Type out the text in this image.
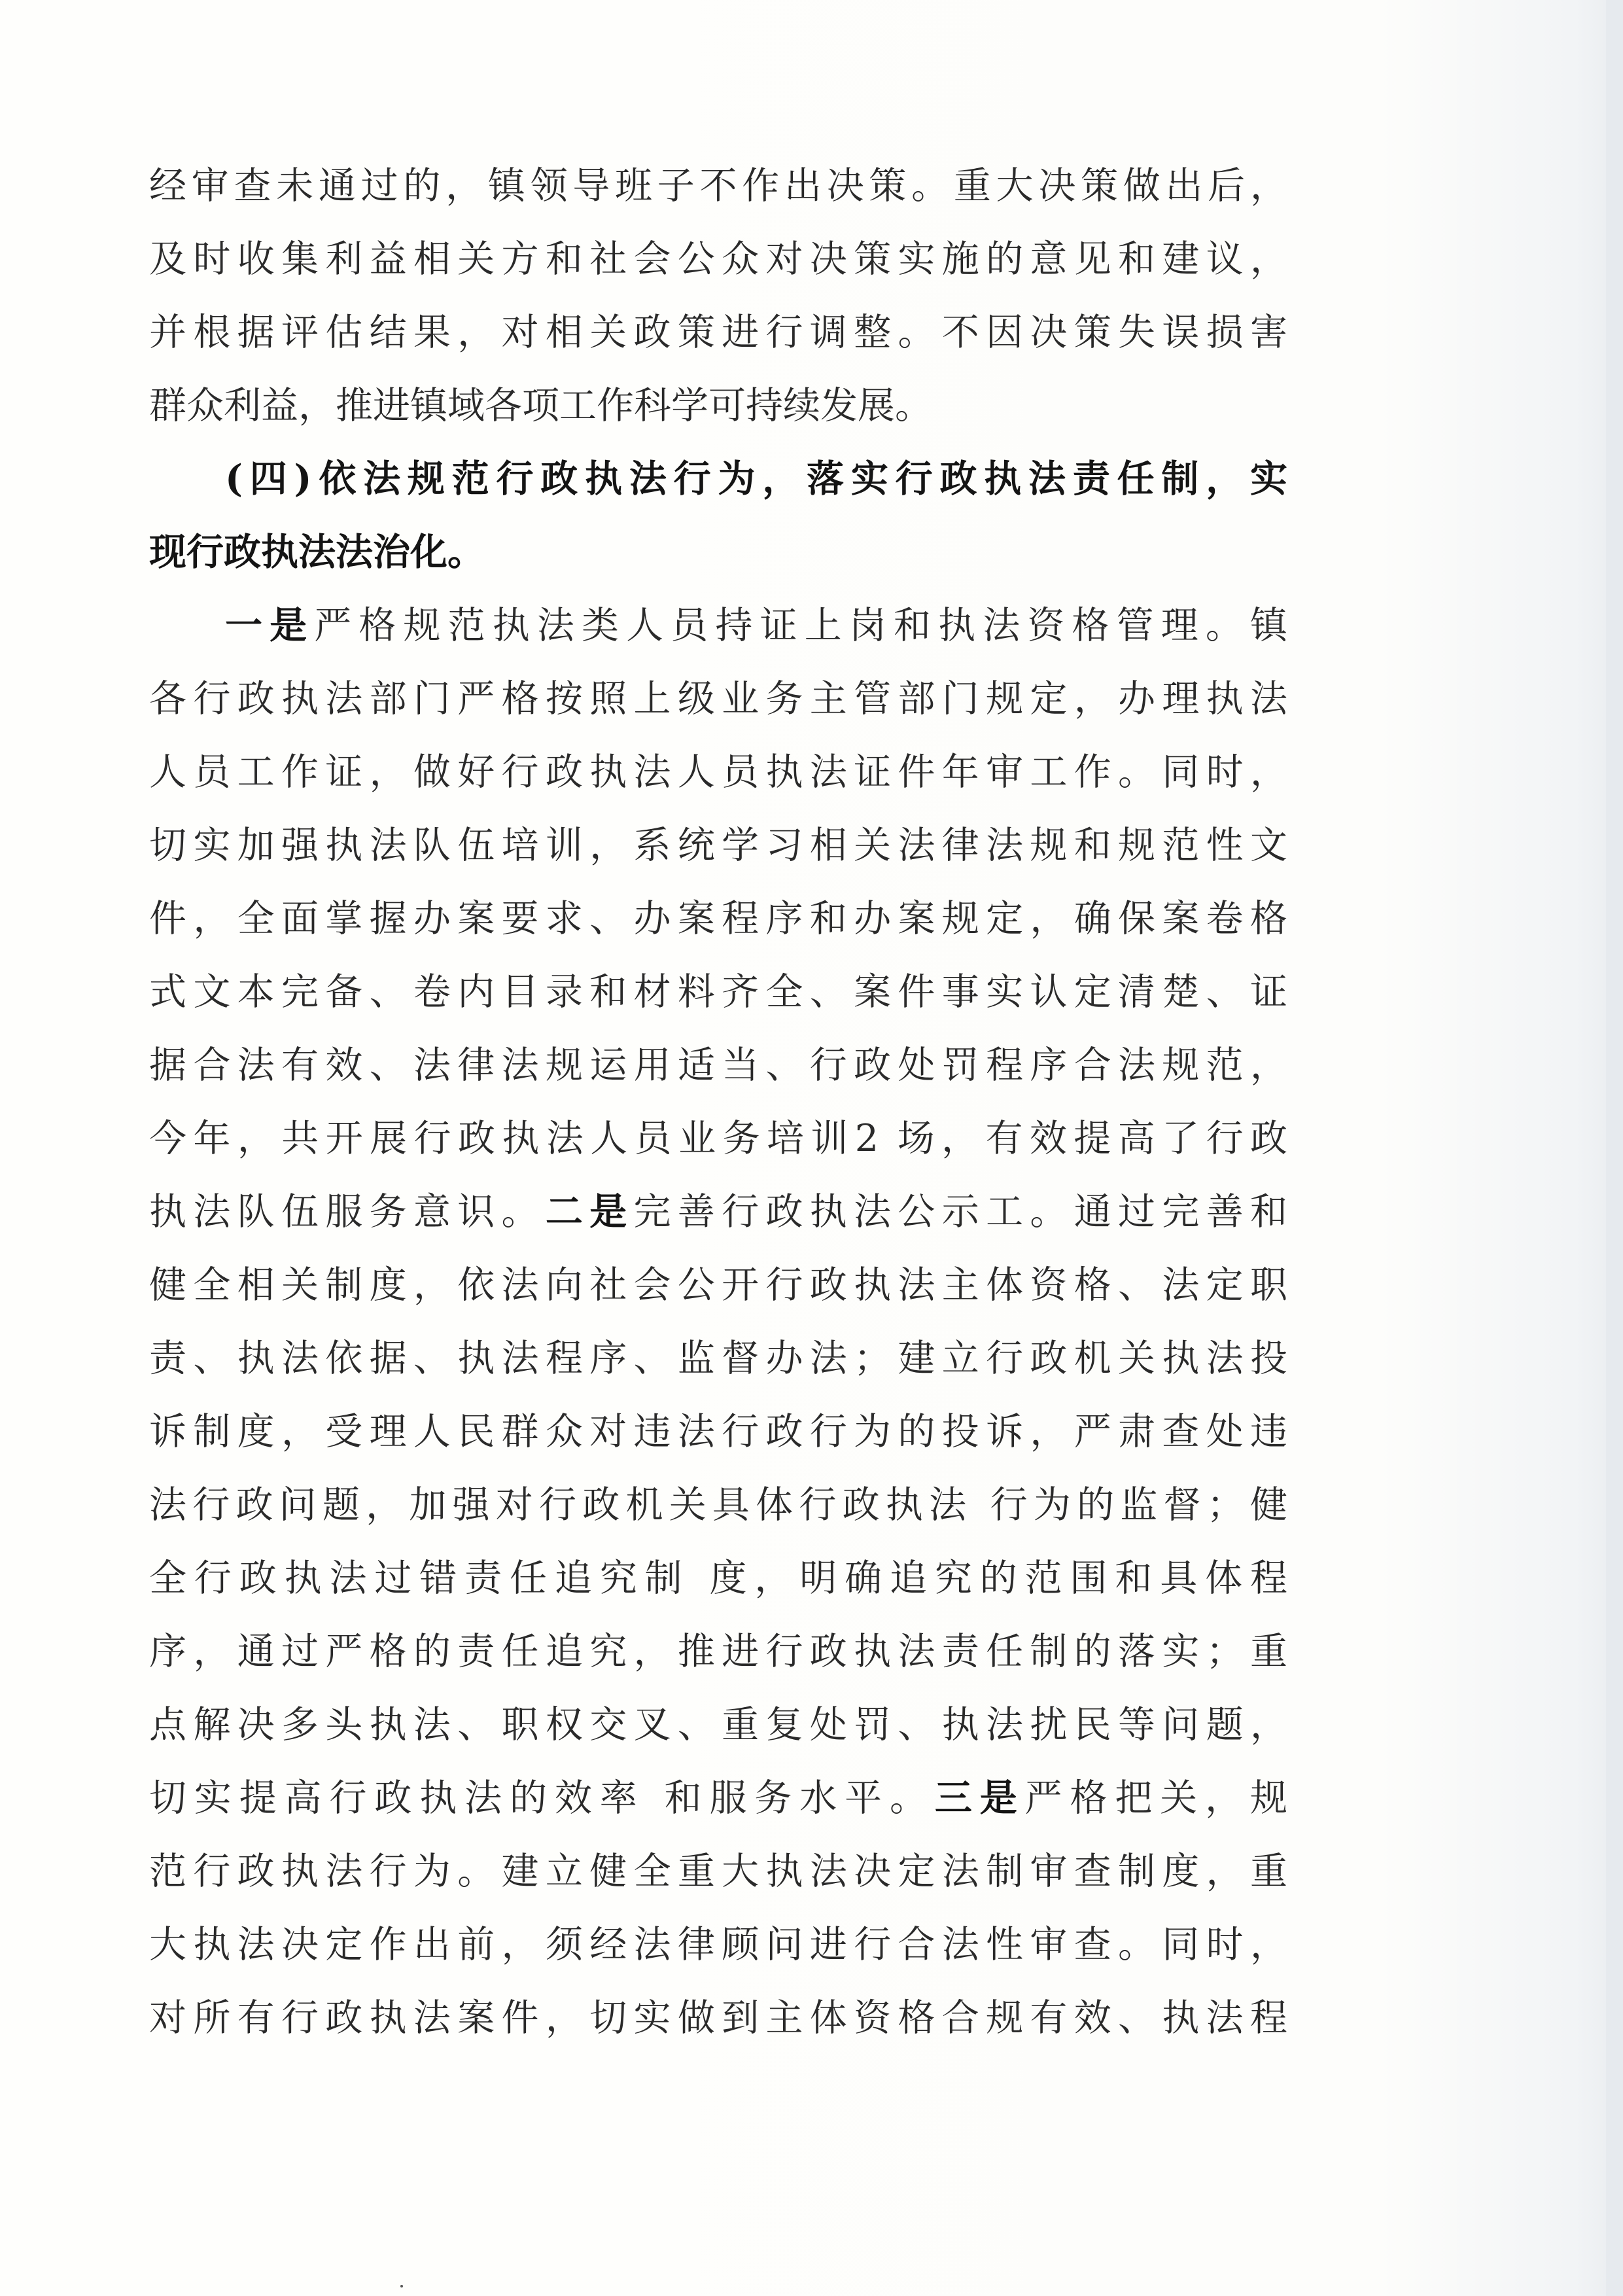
经审查未通过的，镇领导班子不作出决策。重大决策做出后，
及时收集利益相关方和社会公众对决策实施的意见和建议，
并根据评估结果，对相关政策进行调整。不因决策失误损害
群众利益，推进镇域各项工作科学可持续发展。
(四)依法规范行政执法行为，落实行政执法责任制，实
现行政执法法治化。
一是严格规范执法类人员持证上岗和执法资格管理。镇
各行政执法部门严格按照上级业务主管部门规定，办理执法
人员工作证，做好行政执法人员执法证件年审工作。同时，
切实加强执法队伍培训，系统学习相关法律法规和规范性文
件，全面掌握办案要求、办案程序和办案规定，确保案卷格
式文本完备、卷内目录和材料齐全、案件事实认定清楚、证
据合法有效、法律法规运用适当、行政处罚程序合法规范，
今年，共开展行政执法人员业务培训2 场，有效提高了行政
执法队伍服务意识。二是完善行政执法公示工。通过完善和
健全相关制度，依法向社会公开行政执法主体资格、法定职
责、执法依据、执法程序、监督办法；建立行政机关执法投
诉制度，受理人民群众对违法行政行为的投诉，严肃查处违
法行政问题，加强对行政机关具体行政执法 行为的监督；健
全行政执法过错责任追究制 度，明确追究的范围和具体程
序，通过严格的责任追究，推进行政执法责任制的落实；重
点解决多头执法、职权交叉、重复处罚、执法扰民等问题，
切实提高行政执法的效率 和服务水平。三是严格把关，规
范行政执法行为。建立健全重大执法决定法制审查制度，重
大执法决定作出前，须经法律顾问进行合法性审查。同时，
对所有行政执法案件，切实做到主体资格合规有效、执法程
